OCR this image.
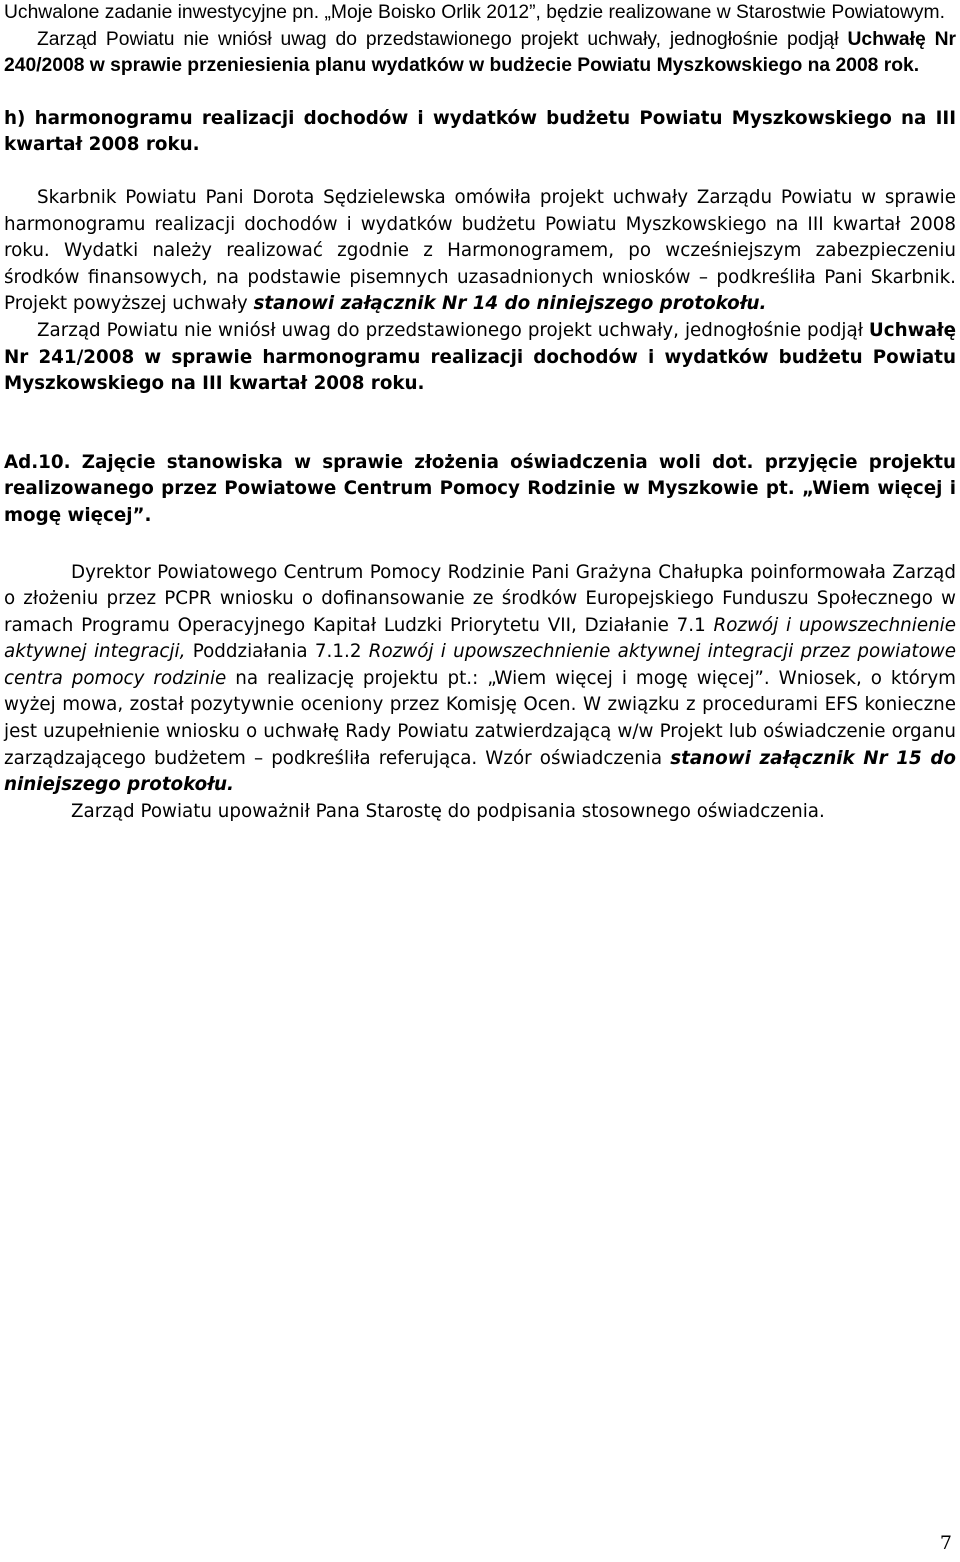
Uchwalone zadanie inwestycyjne pn. „Moje Boisko Orlik 2012”, będzie realizowane w Starostwie Powiatowym.

Zarząd Powiatu nie wniósł uwag do przedstawionego projekt uchwały, jednogłośnie podjął Uchwałę Nr 240/2008 w sprawie przeniesienia planu wydatków w budżecie Powiatu Myszkowskiego na 2008 rok.

h) harmonogramu realizacji dochodów i wydatków budżetu Powiatu Myszkowskiego na III kwartał 2008 roku.

Skarbnik Powiatu Pani Dorota Sędzielewska omówiła projekt uchwały Zarządu Powiatu w sprawie harmonogramu realizacji dochodów i wydatków budżetu Powiatu Myszkowskiego na III kwartał 2008 roku. Wydatki należy realizować zgodnie z Harmonogramem, po wcześniejszym zabezpieczeniu środków finansowych, na podstawie pisemnych uzasadnionych wniosków – podkreśliła Pani Skarbnik. Projekt powyższej uchwały stanowi załącznik Nr 14 do niniejszego protokołu.

Zarząd Powiatu nie wniósł uwag do przedstawionego projekt uchwały, jednogłośnie podjął Uchwałę Nr 241/2008 w sprawie harmonogramu realizacji dochodów i wydatków budżetu Powiatu Myszkowskiego na III kwartał 2008 roku.

Ad.10. Zajęcie stanowiska w sprawie złożenia oświadczenia woli dot. przyjęcie projektu realizowanego przez Powiatowe Centrum Pomocy Rodzinie w Myszkowie pt. „Wiem więcej i mogę więcej”.

Dyrektor Powiatowego Centrum Pomocy Rodzinie Pani Grażyna Chałupka poinformowała Zarząd o złożeniu przez PCPR wniosku o dofinansowanie ze środków Europejskiego Funduszu Społecznego w ramach Programu Operacyjnego Kapitał Ludzki Priorytetu VII, Działanie 7.1 Rozwój i upowszechnienie aktywnej integracji, Poddziałania 7.1.2 Rozwój i upowszechnienie aktywnej integracji przez powiatowe centra pomocy rodzinie na realizację projektu pt.: „Wiem więcej i mogę więcej”. Wniosek, o którym wyżej mowa, został pozytywnie oceniony przez Komisję Ocen. W związku z procedurami EFS konieczne jest uzupełnienie wniosku o uchwałę Rady Powiatu zatwierdzającą w/w Projekt lub oświadczenie organu zarządzającego budżetem – podkreśliła referująca. Wzór oświadczenia stanowi załącznik Nr 15 do niniejszego protokołu.

Zarząd Powiatu upoważnił Pana Starostę do podpisania stosownego oświadczenia.

7
